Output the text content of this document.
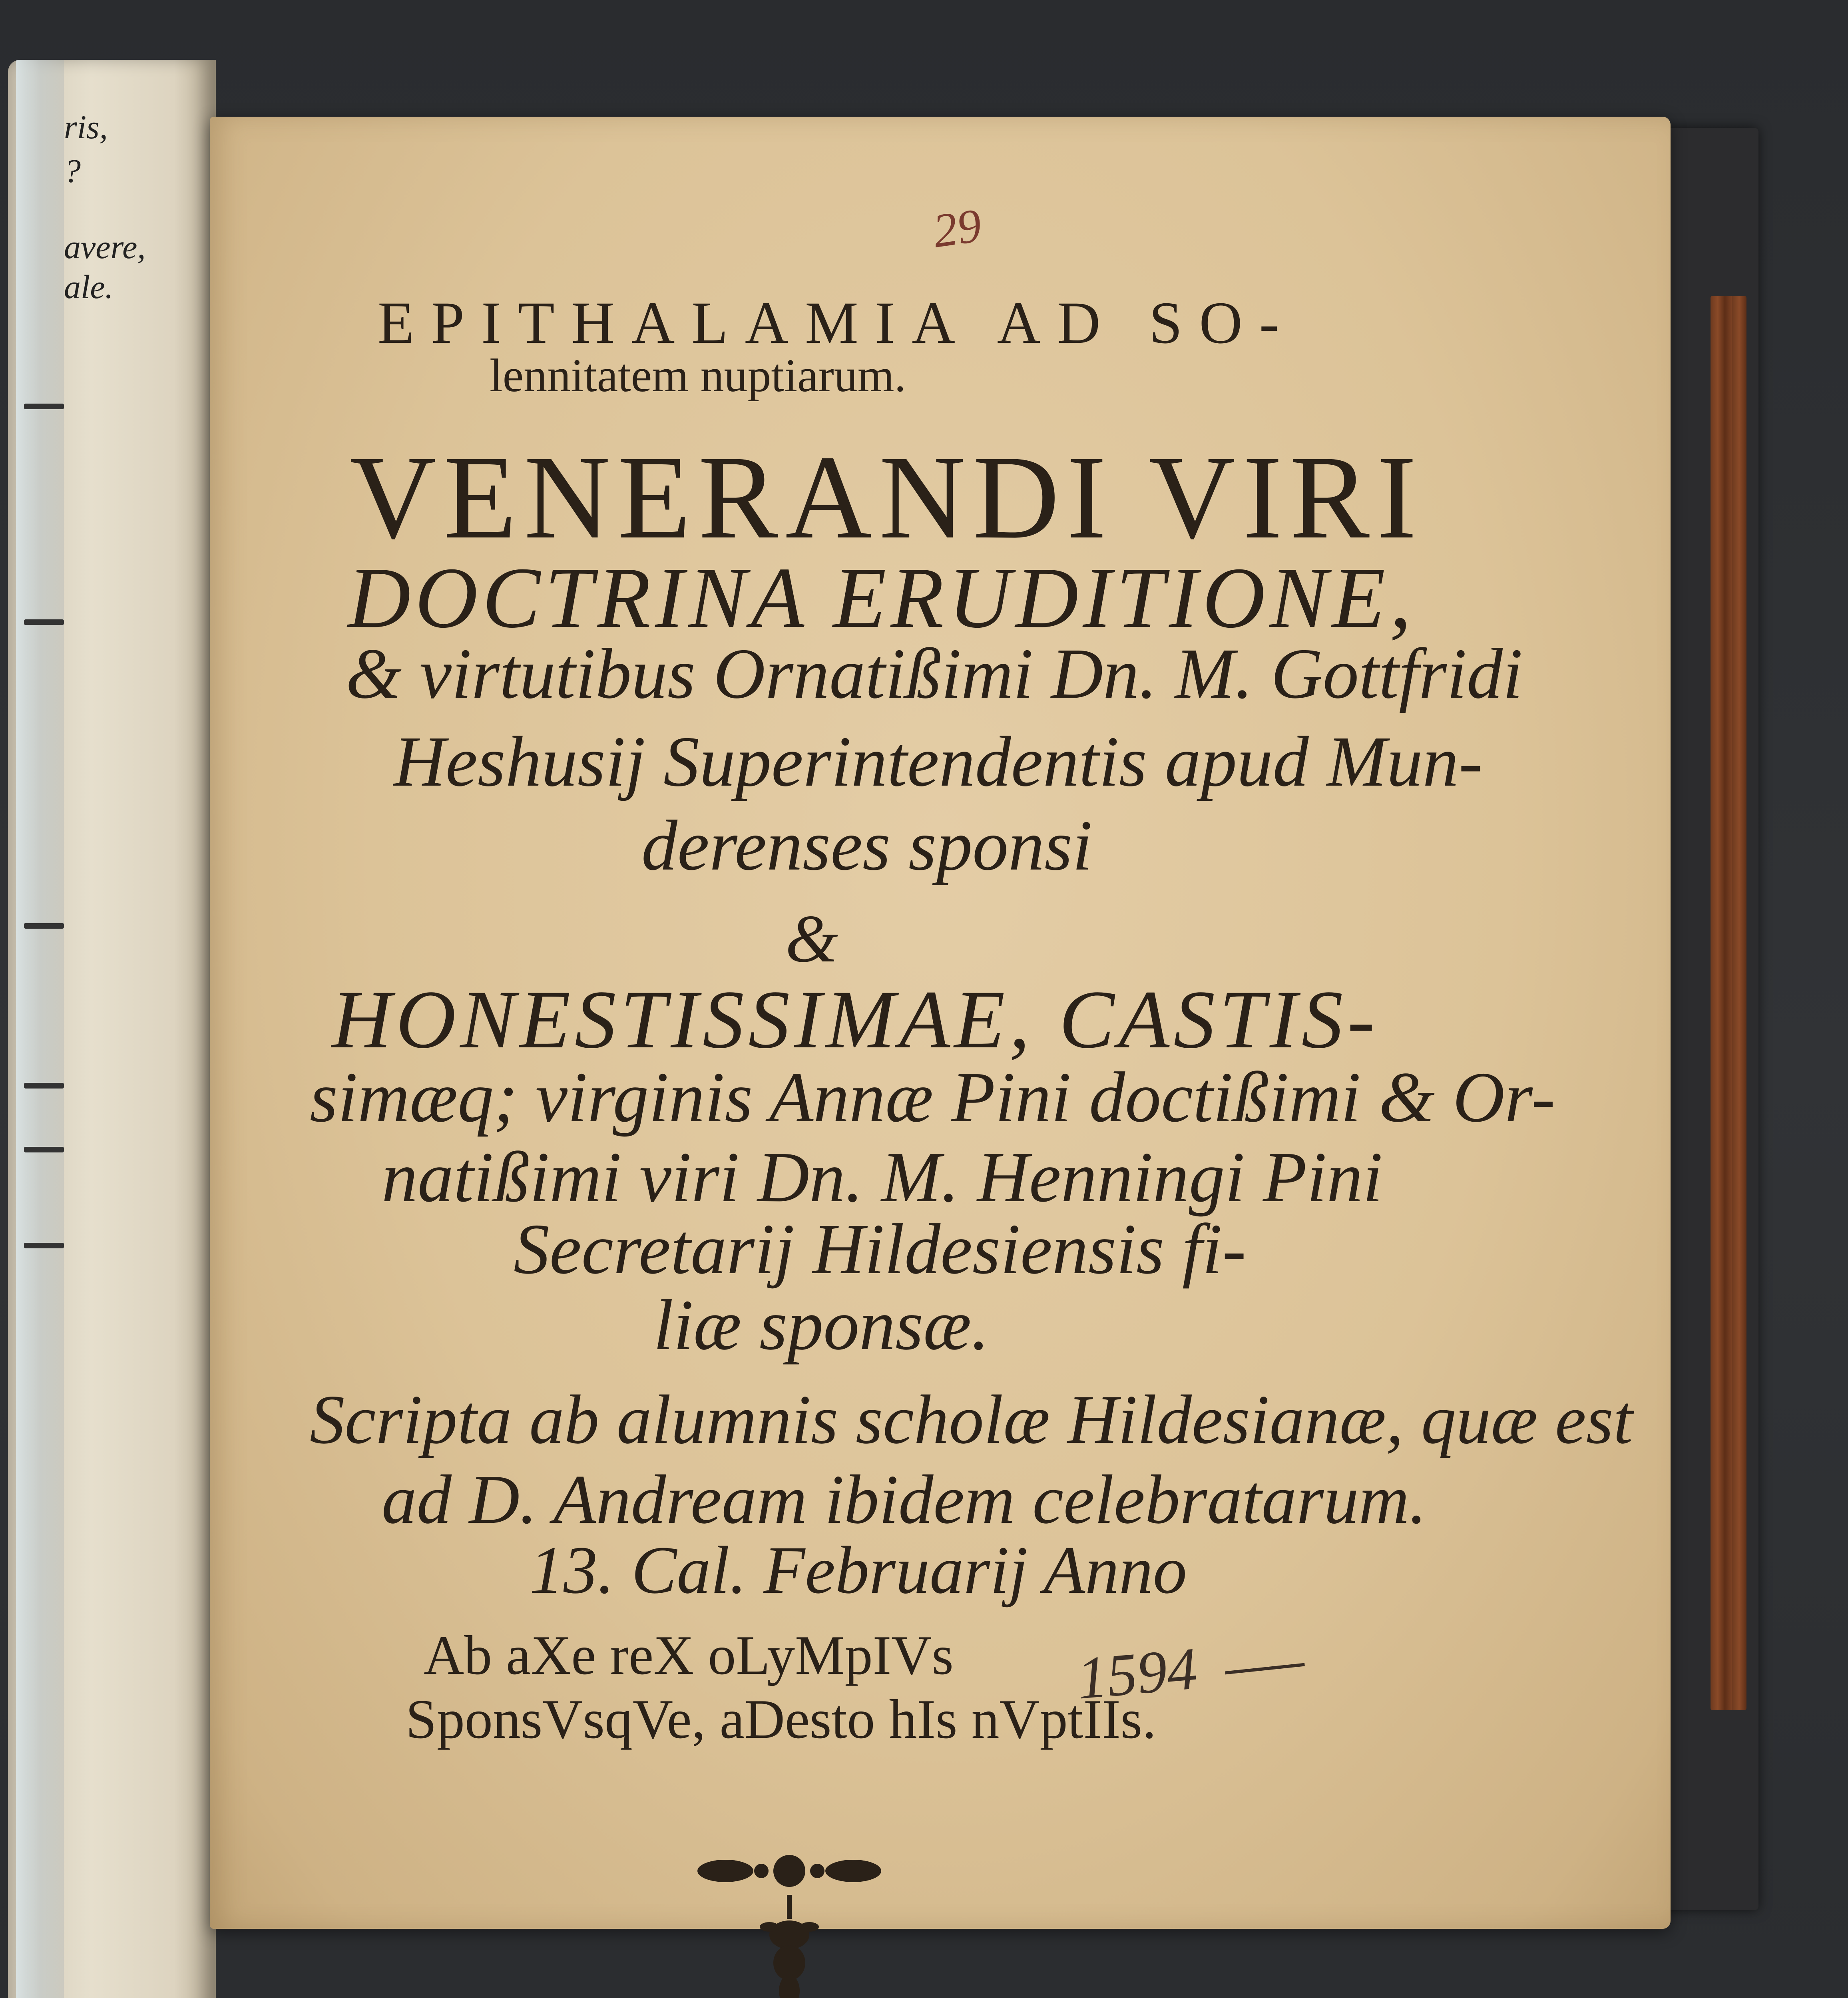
ris,
?
avere,
ale.
29
EPITHALAMIA AD SO-
lennitatem nuptiarum.
VENERANDI VIRI
DOCTRINA ERUDITIONE,
& virtutibus Ornatißimi Dn. M. Gottfridi
Heshusij Superintendentis apud Mun-
derenses sponsi
&
HONESTISSIMAE, CASTIS-
simæq; virginis Annæ Pini doctißimi & Or-
natißimi viri Dn. M. Henningi Pini
Secretarij Hildesiensis fi-
liæ sponsæ.
Scripta ab alumnis scholæ Hildesianæ, quæ est
ad D. Andream ibidem celebratarum.
13. Cal. Februarij Anno
Ab aXe reX oLyMpIVs
SponsVsqVe, aDesto hIs nVptIIs.
1594
